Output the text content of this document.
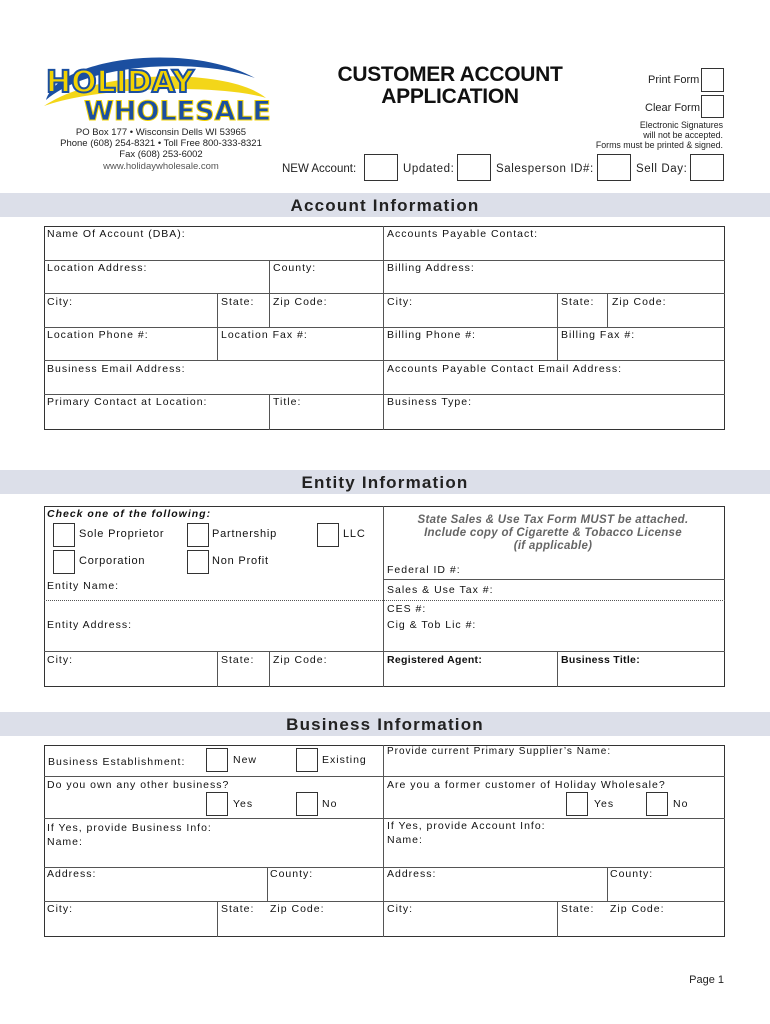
HOLIDAY
WHOLESALE
PO Box 177 • Wisconsin Dells WI 53965
Phone (608) 254-8321 • Toll Free 800-333-8321
Fax (608) 253-6002
www.holidaywholesale.com
CUSTOMER ACCOUNT
APPLICATION
Print Form
Clear Form
Electronic Signatures
will not be accepted.
Forms must be printed & signed.
NEW Account:	Updated:	Salesperson ID#:	Sell Day:
Account Information
Name Of Account (DBA):	Accounts Payable Contact:
Location Address:	County:	Billing Address:
City:	State: Zip Code:	City:	State: Zip Code:
Location Phone #:	Location Fax #:	Billing Phone #:	Billing Fax #:
Business Email Address:	Accounts Payable Contact Email Address:
Primary Contact at Location:	Title:	Business Type:
Entity Information
Check one of the following:
Sole Proprietor	Partnership	LLC
Corporation	Non Profit
State Sales & Use Tax Form MUST be attached.
Include copy of Cigarette & Tobacco License
(if applicable)
Federal ID #:
Entity Name:	Sales & Use Tax #:
CES #:
Entity Address:	Cig & Tob Lic #:
City:	State: Zip Code:	Registered Agent:	Business Title:
Business Information
Business Establishment:	New	Existing
Provide current Primary Supplier’s Name:
Do you own any other business?
Yes	No
Are you a former customer of Holiday Wholesale?
Yes	No
If Yes, provide Business Info:
Name:
If Yes, provide Account Info:
Name:
Address:	County:	Address:	County:
City:	State: Zip Code:	City:	State: Zip Code:
Page 1
